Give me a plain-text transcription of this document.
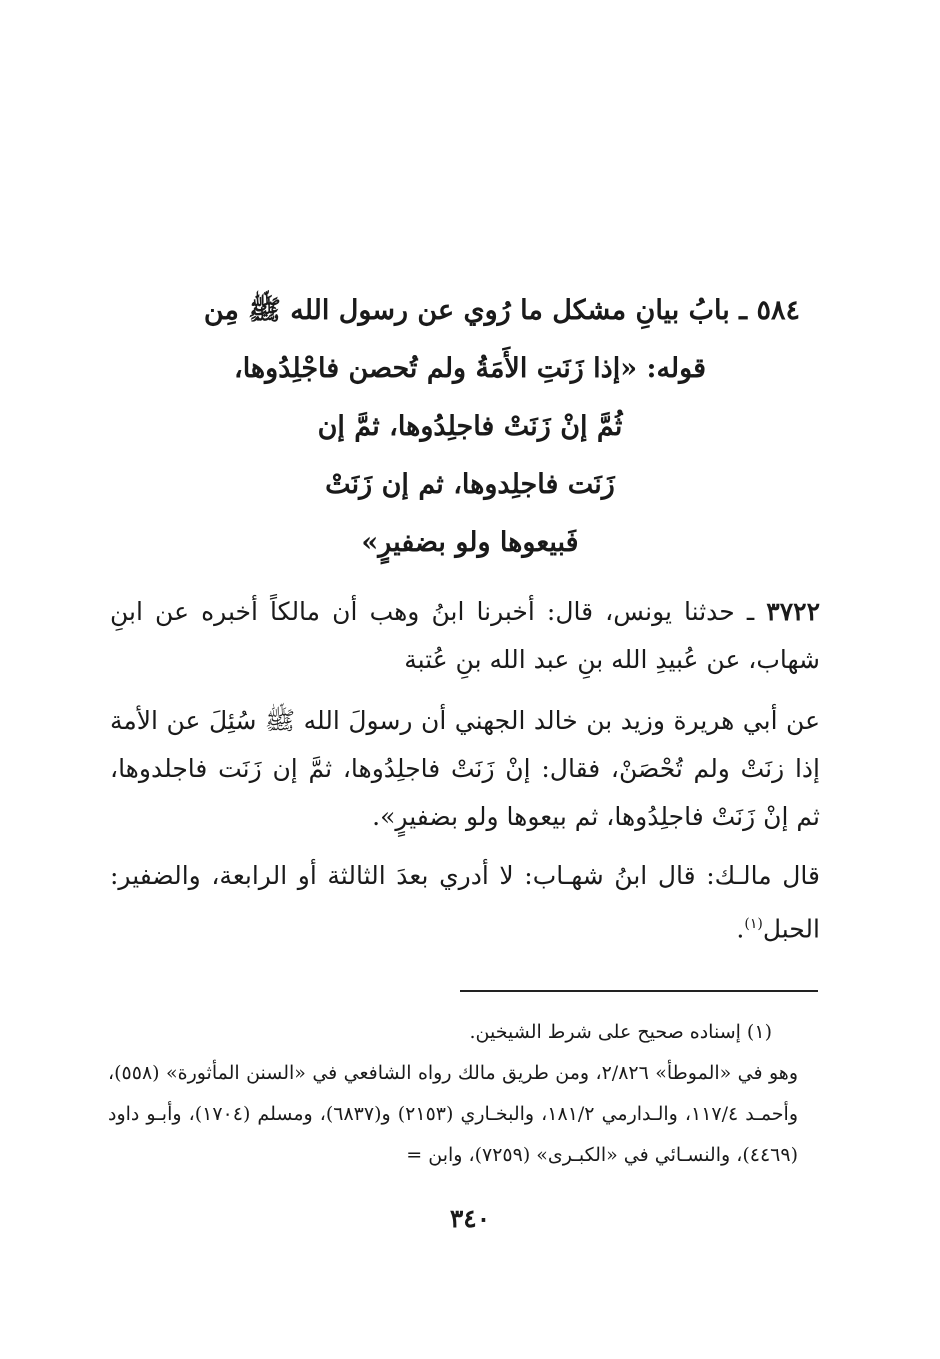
٥٨٤ ـ بابُ بيانِ مشكل ما رُوي عن رسول الله ﷺ مِن
قوله: «إذا زَنَتِ الأَمَةُ ولم تُحصن فاجْلِدُوها،
ثُمَّ إنْ زَنَتْ فاجلِدُوها، ثمَّ إن
زَنَت فاجلِدوها، ثم إن زَنَتْ
فَبيعوها ولو بضفيرٍ»
٣٧٢٢ ـ حدثنا يونس، قال: أخبرنا ابنُ وهب أن مالكاً أخبره عن ابنِ شهاب، عن عُبيدِ الله بنِ عبد الله بنِ عُتبة
عن أبي هريرة وزيد بن خالد الجهني أن رسولَ الله ﷺ سُئِلَ عن الأمة إذا زنَتْ ولم تُحْصَنْ، فقال: إنْ زَنَتْ فاجلِدُوها، ثمَّ إن زَنَت فاجلدوها، ثم إنْ زَنَتْ فاجلِدُوها، ثم بيعوها ولو بضفيرٍ».
قال مالـك: قال ابنُ شهـاب: لا أدري بعدَ الثالثة أو الرابعة، والضفير: الحبل$^{(١)}$.

(١) إسناده صحيح على شرط الشيخين.

وهو في «الموطأ» ٢/٨٢٦، ومن طريق مالك رواه الشافعي في «السنن المأثورة» (٥٥٨)، وأحمـد ١١٧/٤، والـدارمي ١٨١/٢، والبخـاري (٢١٥٣) و(٦٨٣٧)، ومسلم (١٧٠٤)، وأبـو داود (٤٤٦٩)، والنسـائي في «الكبـرى» (٧٢٥٩)، وابن =

٣٤٠
